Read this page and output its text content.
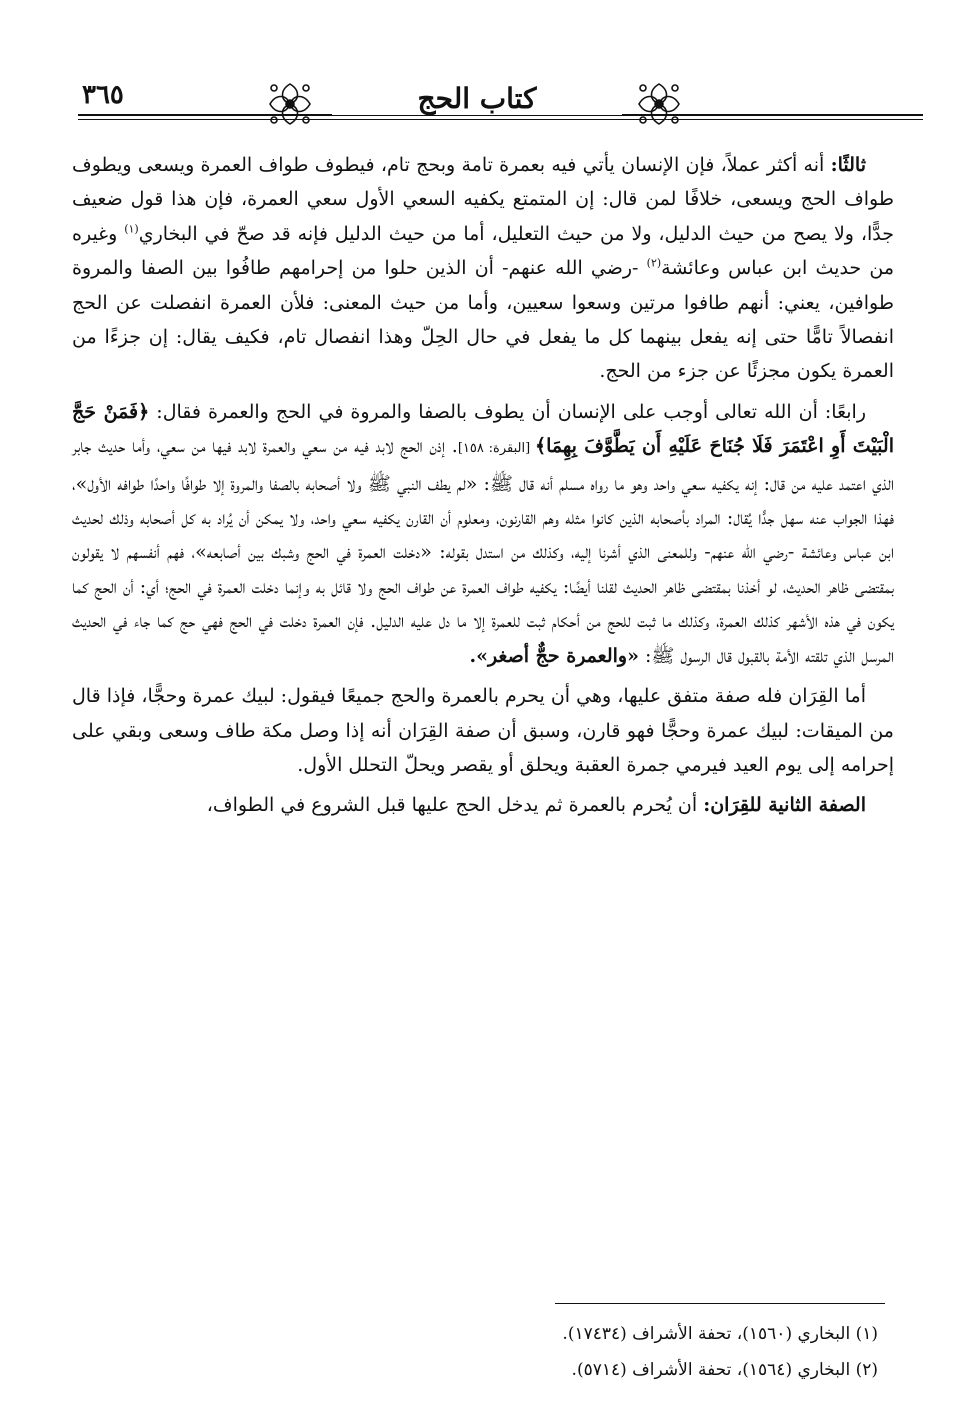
٣٦٥	كتاب الحج

ثالثًا: أنه أكثر عملاً، فإن الإنسان يأتي فيه بعمرة تامة وبحج تام، فيطوف طواف العمرة ويسعى ويطوف طواف الحج ويسعى، خلافًا لمن قال: إن المتمتع يكفيه السعي الأول سعي العمرة، فإن هذا قول ضعيف جدًّا، ولا يصح من حيث الدليل، ولا من حيث التعليل، أما من حيث الدليل فإنه قد صحّ في البخاري$^{(١)}$ وغيره من حديث ابن عباس وعائشة$^{(٢)}$ -رضي الله عنهم- أن الذين حلوا من إحرامهم طافُوا بين الصفا والمروة طوافين، يعني: أنهم طافوا مرتين وسعوا سعيين، وأما من حيث المعنى: فلأن العمرة انفصلت عن الحج انفصالاً تامًّا حتى إنه يفعل بينهما كل ما يفعل في حال الحِلّ وهذا انفصال تام، فكيف يقال: إن جزءًا من العمرة يكون مجزئًا عن جزء من الحج.

رابعًا: أن الله تعالى أوجب على الإنسان أن يطوف بالصفا والمروة في الحج والعمرة فقال: ﴿فَمَنْ حَجَّ الْبَيْتَ أَوِ اعْتَمَرَ فَلَا جُنَاحَ عَلَيْهِ أَن يَطَّوَّفَ بِهِمَا﴾ [البقرة: ١٥٨]. إذن الحج لابد فيه من سعي والعمرة لابد فيها من سعي، وأما حديث جابر الذي اعتمد عليه من قال: إنه يكفيه سعي واحد وهو ما رواه مسلم أنه قال ﷺ: «لم يطف النبي ﷺ ولا أصحابه بالصفا والمروة إلا طوافًا واحدًا طوافه الأول»، فهذا الجواب عنه سهل جدًّا يُقال: المراد بأصحابه الذين كانوا مثله وهم القارنون، ومعلوم أن القارن يكفيه سعي واحد، ولا يمكن أن يُراد به كل أصحابه وذلك لحديث ابن عباس وعائشة -رضي الله عنهم- وللمعنى الذي أشرنا إليه، وكذلك من استدل بقوله: «دخلت العمرة في الحج وشبك بين أصابعه»، فهم أنفسهم لا يقولون بمقتضى ظاهر الحديث، لو أخذنا بمقتضى ظاهر الحديث لقلنا أيضًا: يكفيه طواف العمرة عن طواف الحج ولا قائل به وإنما دخلت العمرة في الحج؛ أي: أن الحج كما يكون في هذه الأشهر كذلك العمرة، وكذلك ما ثبت للحج من أحكام ثبت للعمرة إلا ما دل عليه الدليل. فإن العمرة دخلت في الحج فهي حج كما جاء في الحديث المرسل الذي تلقته الأمة بالقبول قال الرسول ﷺ: «والعمرة حجٌّ أصغر».

أما القِرَان فله صفة متفق عليها، وهي أن يحرم بالعمرة والحج جميعًا فيقول: لبيك عمرة وحجًّا، فإذا قال من الميقات: لبيك عمرة وحجًّا فهو قارن، وسبق أن صفة القِرَان أنه إذا وصل مكة طاف وسعى وبقي على إحرامه إلى يوم العيد فيرمي جمرة العقبة ويحلق أو يقصر ويحلّ التحلل الأول.

الصفة الثانية للقِرَان: أن يُحرم بالعمرة ثم يدخل الحج عليها قبل الشروع في الطواف،

(١) البخاري (١٥٦٠)، تحفة الأشراف (١٧٤٣٤).
(٢) البخاري (١٥٦٤)، تحفة الأشراف (٥٧١٤).
